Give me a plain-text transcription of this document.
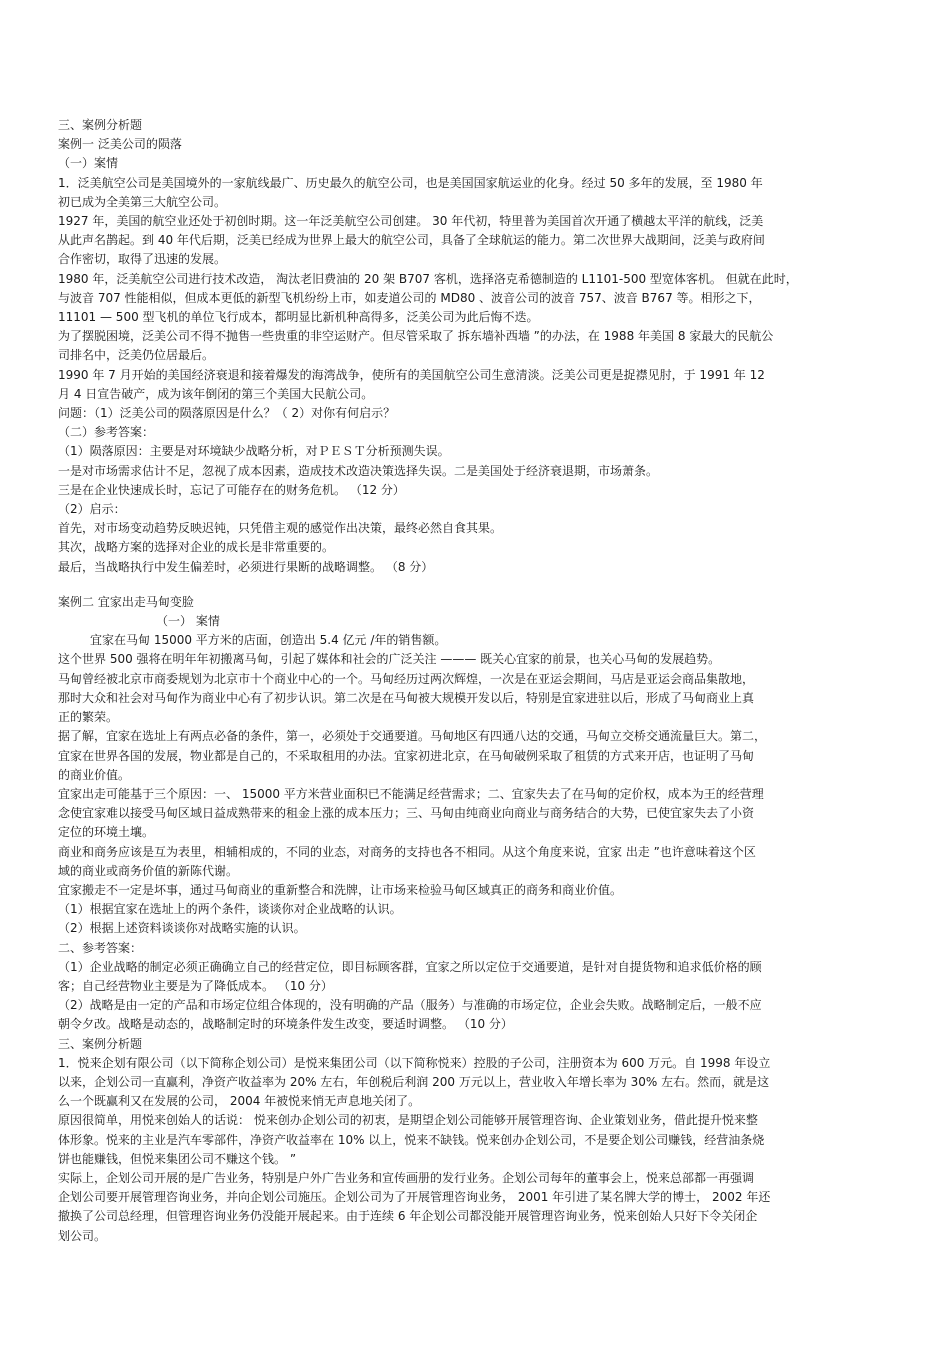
三、案例分析题
案例一 泛美公司的陨落
（一）案情
1．泛美航空公司是美国境外的一家航线最广、历史最久的航空公司，也是美国国家航运业的化身。经过 50 多年的发展，至 1980 年
初已成为全美第三大航空公司。
1927 年，美国的航空业还处于初创时期。这一年泛美航空公司创建。 30 年代初，特里普为美国首次开通了横越太平洋的航线，泛美
从此声名鹊起。到 40 年代后期，泛美已经成为世界上最大的航空公司，具备了全球航运的能力。第二次世界大战期间，泛美与政府间
合作密切，取得了迅速的发展。
1980 年，泛美航空公司进行技术改造， 淘汰老旧费油的 20 架 B707 客机，选择洛克希德制造的 L1101-500 型宽体客机。 但就在此时，
与波音 707 性能相似，但成本更低的新型飞机纷纷上市，如麦道公司的 MD80 、波音公司的波音 757、波音 B767 等。相形之下，
11101 — 500 型飞机的单位飞行成本，都明显比新机种高得多，泛美公司为此后悔不迭。
为了摆脱困境，泛美公司不得不抛售一些贵重的非空运财产。但尽管采取了 拆东墙补西墙 ”的办法，在 1988 年美国 8 家最大的民航公
司排名中，泛美仍位居最后。
1990 年 7 月开始的美国经济衰退和接着爆发的海湾战争，使所有的美国航空公司生意清淡。泛美公司更是捉襟见肘，于 1991 年 12
月 4 日宣告破产，成为该年倒闭的第三个美国大民航公司。
问题：（1）泛美公司的陨落原因是什么？（ 2）对你有何启示？
（二）参考答案：
（1）陨落原因：主要是对环境缺少战略分析，对ＰＥＳＴ分析预测失误。
一是对市场需求估计不足，忽视了成本因素，造成技术改造决策选择失误。二是美国处于经济衰退期，市场萧条。
三是在企业快速成长时，忘记了可能存在的财务危机。 （12 分）
（2）启示：
首先，对市场变动趋势反映迟钝，只凭借主观的感觉作出决策，最终必然自食其果。
其次，战略方案的选择对企业的成长是非常重要的。
最后，当战略执行中发生偏差时，必须进行果断的战略调整。 （8 分）
案例二 宜家出走马甸变脸
（一） 案情
宜家在马甸 15000 平方米的店面，创造出 5.4 亿元 /年的销售额。
这个世界 500 强将在明年年初搬离马甸，引起了媒体和社会的广泛关注 ——— 既关心宜家的前景，也关心马甸的发展趋势。
马甸曾经被北京市商委规划为北京市十个商业中心的一个。马甸经历过两次辉煌，一次是在亚运会期间，马店是亚运会商品集散地，
那时大众和社会对马甸作为商业中心有了初步认识。第二次是在马甸被大规模开发以后，特别是宜家进驻以后，形成了马甸商业上真
正的繁荣。
据了解，宜家在选址上有两点必备的条件，第一，必须处于交通要道。马甸地区有四通八达的交通，马甸立交桥交通流量巨大。第二，
宜家在世界各国的发展，物业都是自己的，不采取租用的办法。宜家初进北京，在马甸破例采取了租赁的方式来开店，也证明了马甸
的商业价值。
宜家出走可能基于三个原因：一、 15000 平方米营业面积已不能满足经营需求；二、宜家失去了在马甸的定价权，成本为王的经营理
念使宜家难以接受马甸区域日益成熟带来的租金上涨的成本压力；三、马甸由纯商业向商业与商务结合的大势，已使宜家失去了小资
定位的环境土壤。
商业和商务应该是互为表里，相辅相成的，不同的业态，对商务的支持也各不相同。从这个角度来说，宜家 出走 ”也许意味着这个区
域的商业或商务价值的新陈代谢。
宜家搬走不一定是坏事，通过马甸商业的重新整合和洗牌，让市场来检验马甸区域真正的商务和商业价值。
（1）根据宜家在选址上的两个条件，谈谈你对企业战略的认识。
（2）根据上述资料谈谈你对战略实施的认识。
二、参考答案：
（1）企业战略的制定必须正确确立自己的经营定位，即目标顾客群，宜家之所以定位于交通要道，是针对自提货物和追求低价格的顾
客；自己经营物业主要是为了降低成本。 （10 分）
（2）战略是由一定的产品和市场定位组合体现的，没有明确的产品（服务）与准确的市场定位，企业会失败。战略制定后，一般不应
朝令夕改。战略是动态的，战略制定时的环境条件发生改变，要适时调整。 （10 分）
三、案例分析题
1．悦来企划有限公司（以下简称企划公司）是悦来集团公司（以下简称悦来）控股的子公司，注册资本为 600 万元。自 1998 年设立
以来，企划公司一直赢利，净资产收益率为 20% 左右，年创税后利润 200 万元以上，营业收入年增长率为 30% 左右。然而，就是这
么一个既赢利又在发展的公司， 2004 年被悦来悄无声息地关闭了。
原因很简单，用悦来创始人的话说： 悦来创办企划公司的初衷，是期望企划公司能够开展管理咨询、企业策划业务，借此提升悦来整
体形象。悦来的主业是汽车零部件，净资产收益率在 10% 以上，悦来不缺钱。悦来创办企划公司，不是要企划公司赚钱，经营油条烧
饼也能赚钱，但悦来集团公司不赚这个钱。 ”
实际上，企划公司开展的是广告业务，特别是户外广告业务和宣传画册的发行业务。企划公司每年的董事会上，悦来总部都一再强调
企划公司要开展管理咨询业务，并向企划公司施压。企划公司为了开展管理咨询业务， 2001 年引进了某名牌大学的博士， 2002 年还
撤换了公司总经理，但管理咨询业务仍没能开展起来。由于连续 6 年企划公司都没能开展管理咨询业务，悦来创始人只好下令关闭企
划公司。
